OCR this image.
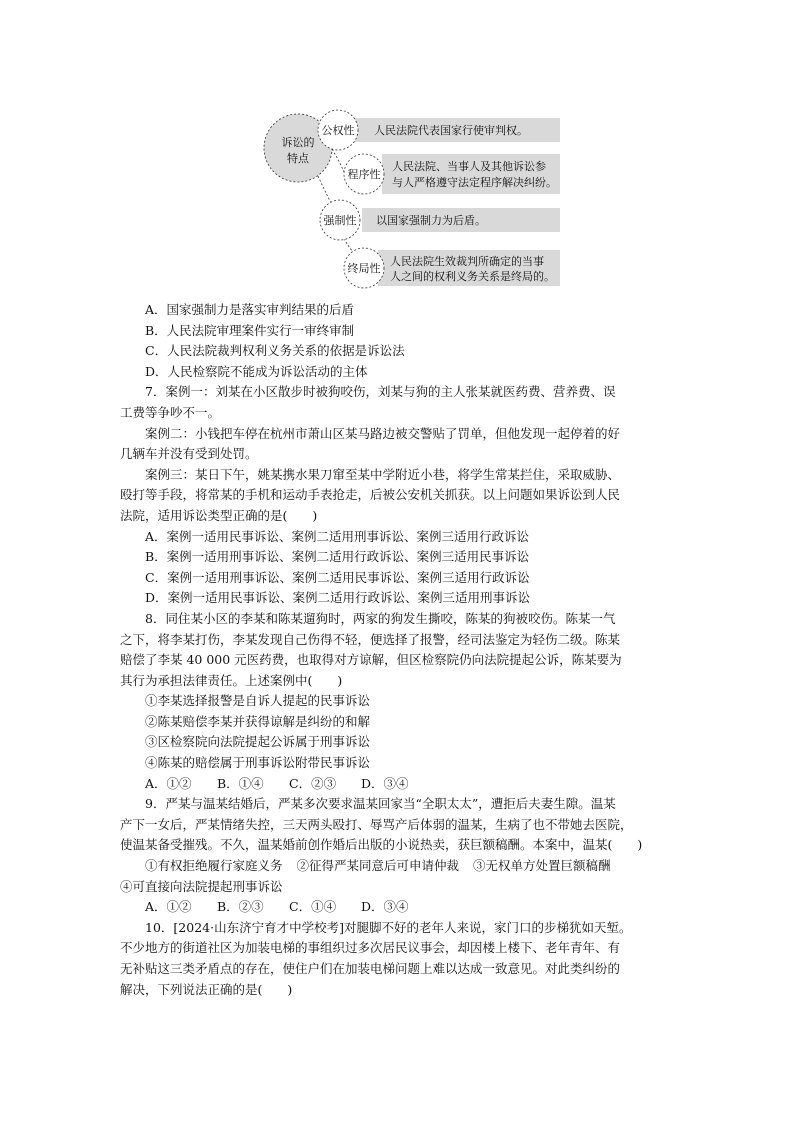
人民法院代表国家行使审判权。
人民法院、当事人及其他诉讼参
与人严格遵守法定程序解决纠纷。
以国家强制力为后盾。
人民法院生效裁判所确定的当事
人之间的权利义务关系是终局的。
诉讼的
特点
公权性
程序性
强制性
终局性
A．国家强制力是落实审判结果的后盾
B．人民法院审理案件实行一审终审制
C．人民法院裁判权利义务关系的依据是诉讼法
D．人民检察院不能成为诉讼活动的主体
7．案例一：刘某在小区散步时被狗咬伤，刘某与狗的主人张某就医药费、营养费、误
工费等争吵不一。
案例二：小钱把车停在杭州市萧山区某马路边被交警贴了罚单，但他发现一起停着的好
几辆车并没有受到处罚。
案例三：某日下午，姚某携水果刀窜至某中学附近小巷，将学生常某拦住，采取威胁、
殴打等手段，将常某的手机和运动手表抢走，后被公安机关抓获。以上问题如果诉讼到人民
法院，适用诉讼类型正确的是(　　)
A．案例一适用民事诉讼、案例二适用刑事诉讼、案例三适用行政诉讼
B．案例一适用刑事诉讼、案例二适用行政诉讼、案例三适用民事诉讼
C．案例一适用刑事诉讼、案例二适用民事诉讼、案例三适用行政诉讼
D．案例一适用民事诉讼、案例二适用行政诉讼、案例三适用刑事诉讼
8．同住某小区的李某和陈某遛狗时，两家的狗发生撕咬，陈某的狗被咬伤。陈某一气
之下，将李某打伤，李某发现自己伤得不轻，便选择了报警，经司法鉴定为轻伤二级。陈某
赔偿了李某 40 000 元医药费，也取得对方谅解，但区检察院仍向法院提起公诉，陈某要为
其行为承担法律责任。上述案例中(　　)
①李某选择报警是自诉人提起的民事诉讼
②陈某赔偿李某并获得谅解是纠纷的和解
③区检察院向法院提起公诉属于刑事诉讼
④陈某的赔偿属于刑事诉讼附带民事诉讼
A．①② B．①④ C．②③ D．③④
9．严某与温某结婚后，严某多次要求温某回家当“全职太太”，遭拒后夫妻生隙。温某
产下一女后，严某情绪失控，三天两头殴打、辱骂产后体弱的温某，生病了也不带她去医院，
使温某备受摧残。不久，温某婚前创作婚后出版的小说热卖，获巨额稿酬。本案中，温某(　　)
①有权拒绝履行家庭义务 ②征得严某同意后可申请仲裁 ③无权单方处置巨额稿酬
④可直接向法院提起刑事诉讼
A．①② B．②③ C．①④ D．③④
10．[2024·山东济宁育才中学校考]对腿脚不好的老年人来说，家门口的步梯犹如天堑。
不少地方的街道社区为加装电梯的事组织过多次居民议事会，却因楼上楼下、老年青年、有
无补贴这三类矛盾点的存在，使住户们在加装电梯问题上难以达成一致意见。对此类纠纷的
解决，下列说法正确的是(　　)
